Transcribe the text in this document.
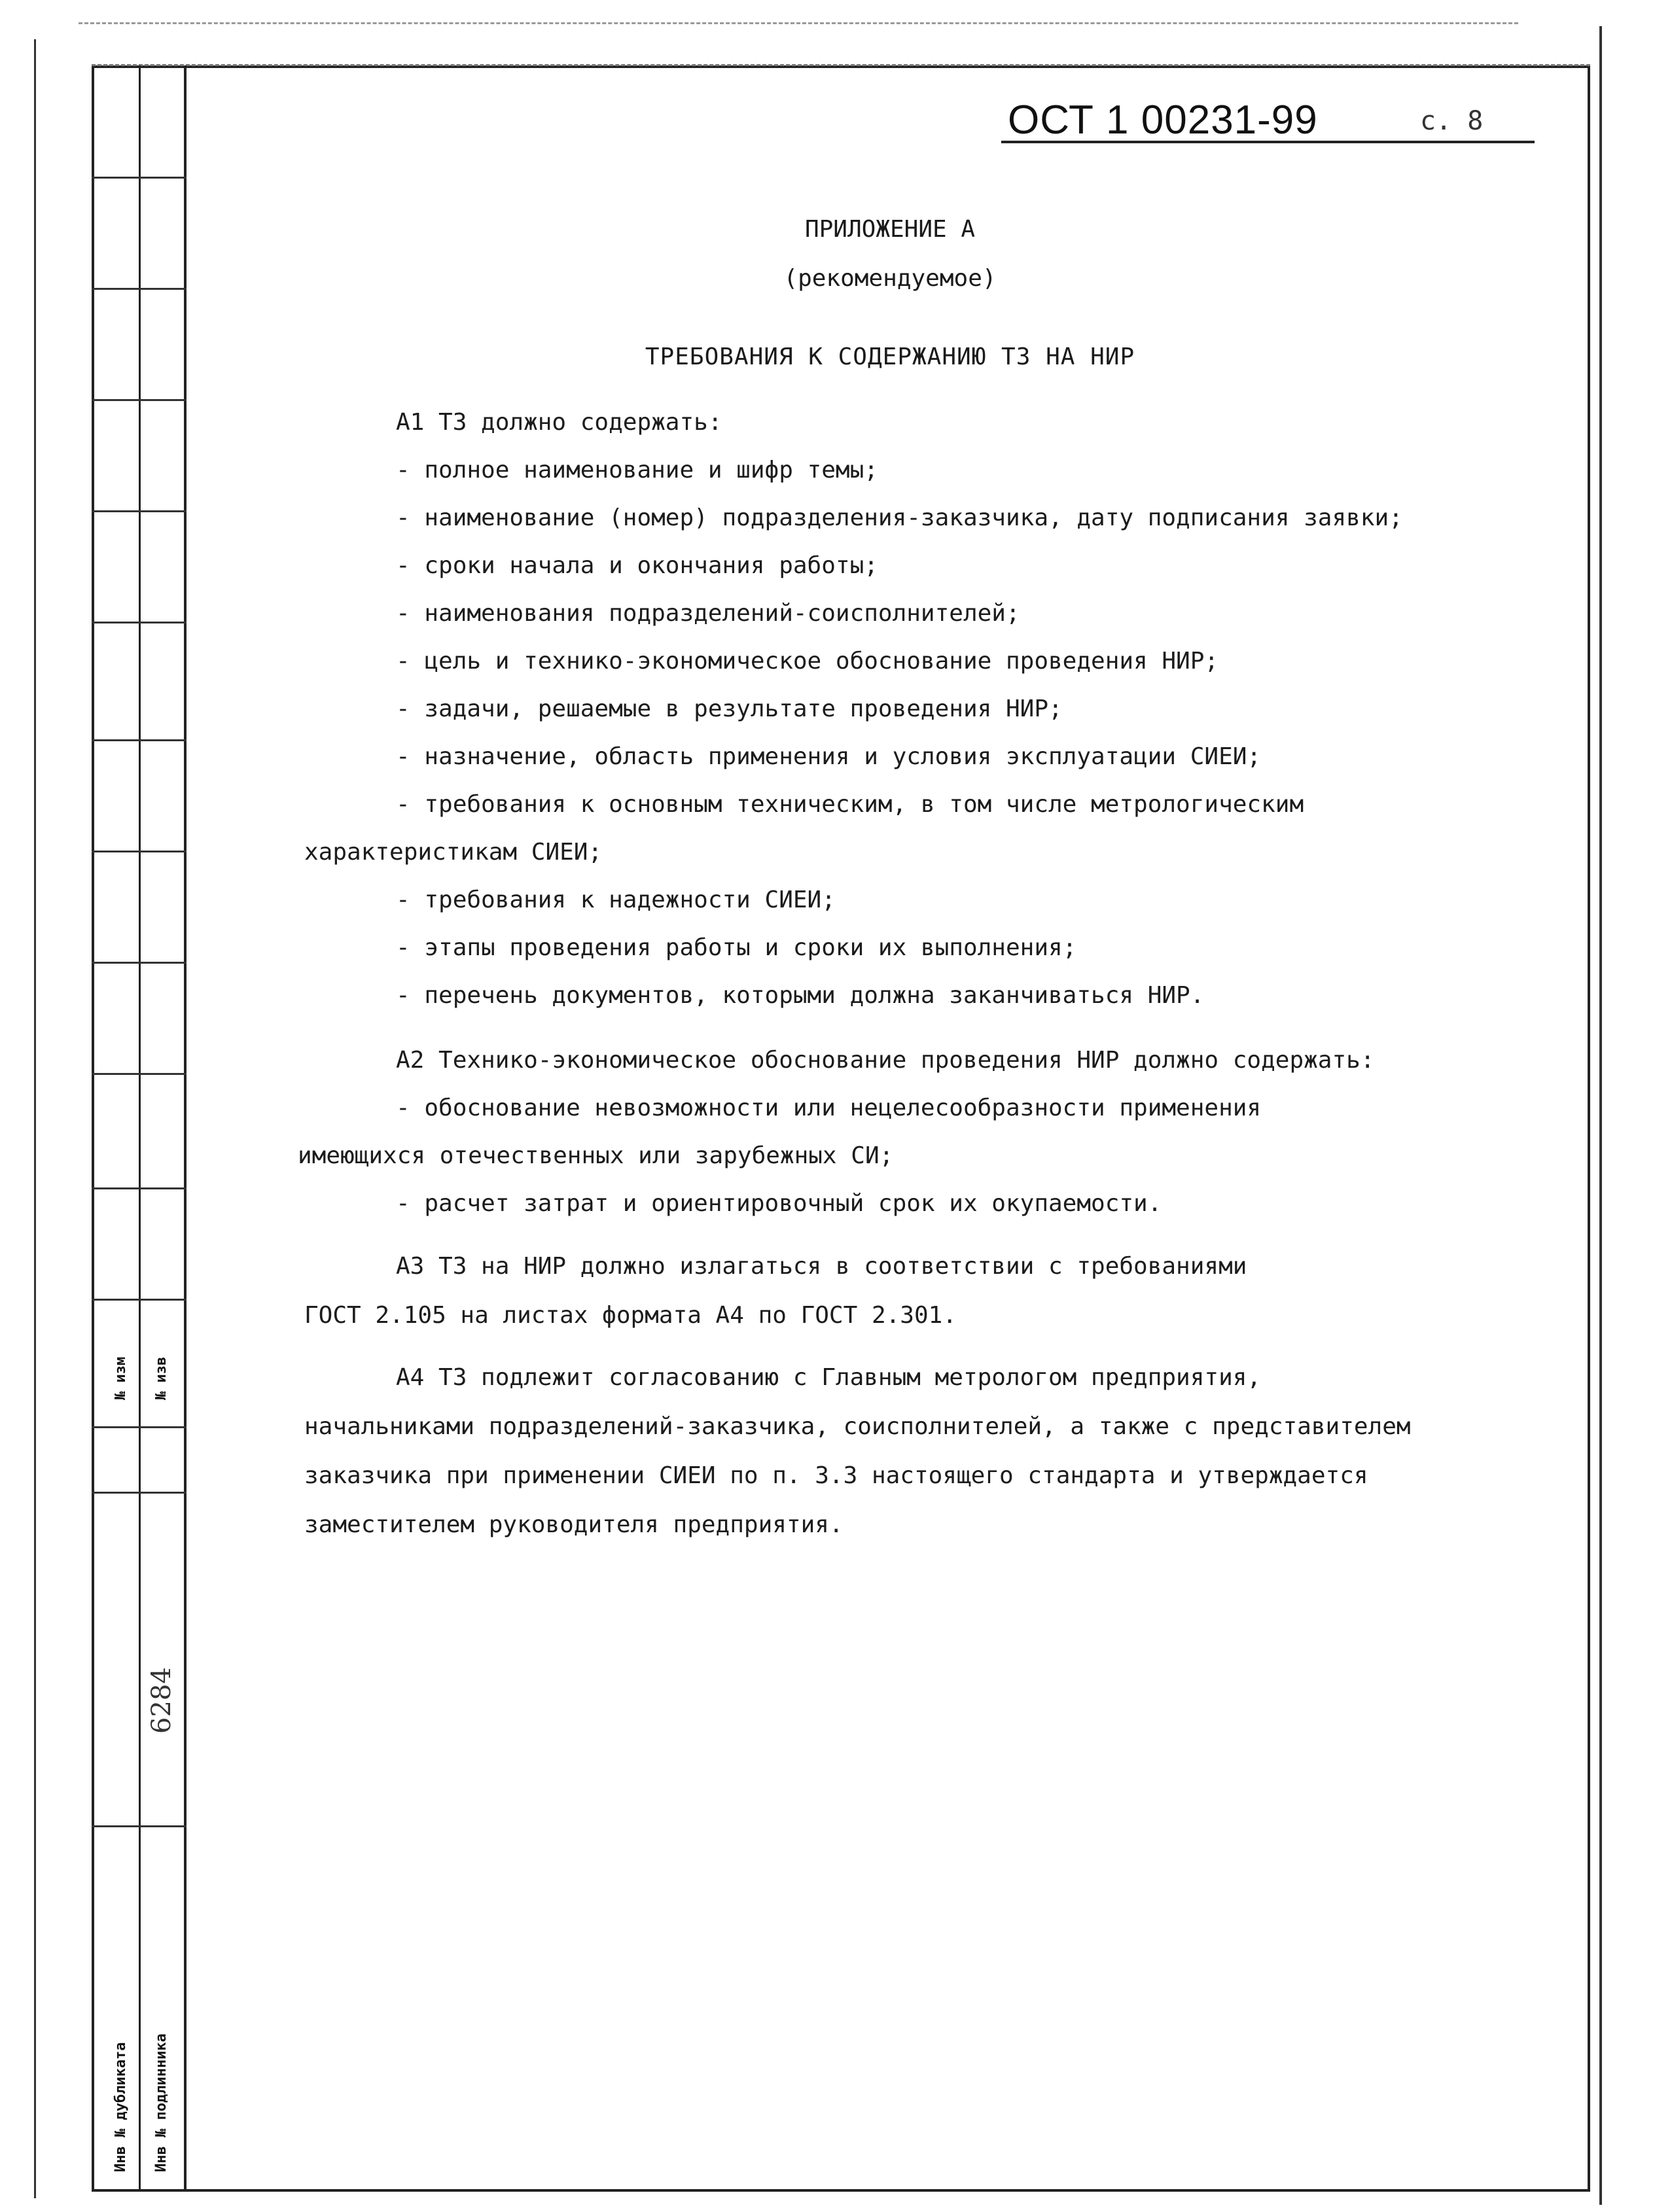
№ изм № изв
6284
Инв № дубликата Инв № подлинника
ОСТ 1 00231-99	с. 8
ПРИЛОЖЕНИЕ А
(рекомендуемое)
ТРЕБОВАНИЯ К СОДЕРЖАНИЮ ТЗ НА НИР
А1 ТЗ должно содержать:
- полное наименование и шифр темы;
- наименование (номер) подразделения-заказчика, дату подписания заявки;
- сроки начала и окончания работы;
- наименования подразделений-соисполнителей;
- цель и технико-экономическое обоснование проведения НИР;
- задачи, решаемые в результате проведения НИР;
- назначение, область применения и условия эксплуатации СИЕИ;
- требования к основным техническим, в том числе метрологическим
характеристикам СИЕИ;
- требования к надежности СИЕИ;
- этапы проведения работы и сроки их выполнения;
- перечень документов, которыми должна заканчиваться НИР.
А2 Технико-экономическое обоснование проведения НИР должно содержать:
- обоснование невозможности или нецелесообразности применения
имеющихся отечественных или зарубежных СИ;
- расчет затрат и ориентировочный срок их окупаемости.
А3 ТЗ на НИР должно излагаться в соответствии с требованиями
ГОСТ 2.105 на листах формата А4 по ГОСТ 2.301.
А4 ТЗ подлежит согласованию с Главным метрологом предприятия,
начальниками подразделений-заказчика, соисполнителей, а также с представителем
заказчика при применении СИЕИ по п. 3.3 настоящего стандарта и утверждается
заместителем руководителя предприятия.
